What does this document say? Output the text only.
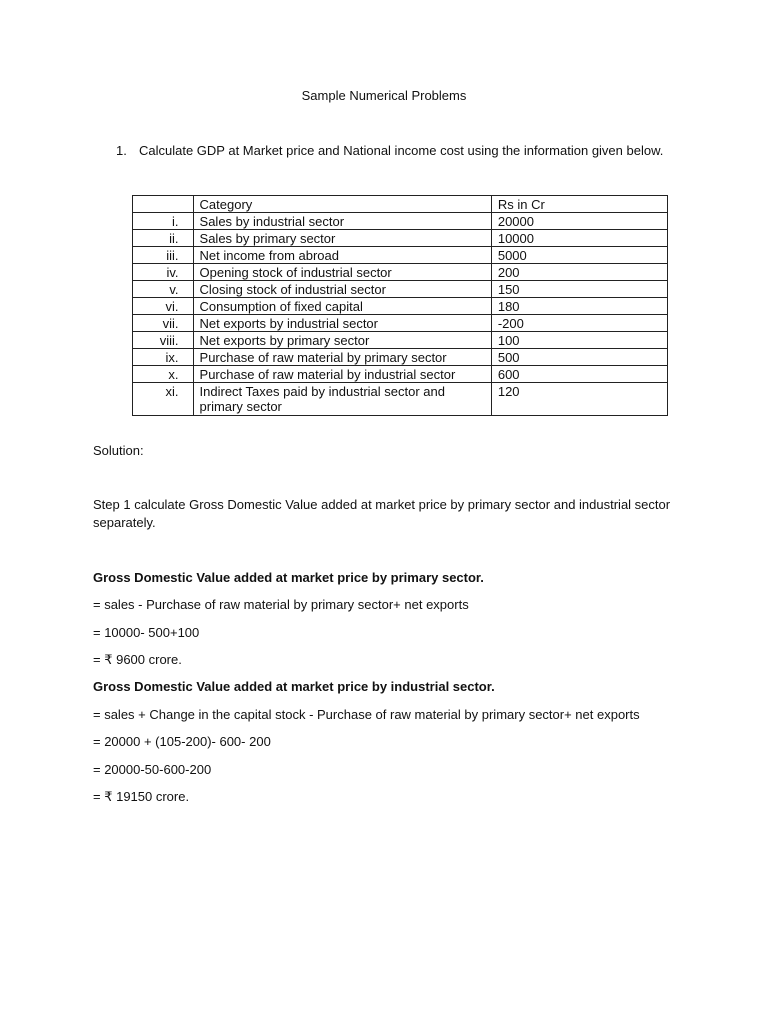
Sample Numerical Problems
1. Calculate GDP at Market price and National income cost using the information given below.
	Category	Rs in Cr
i.	Sales by industrial sector	20000
ii.	Sales by primary sector	10000
iii.	Net income from abroad	5000
iv.	Opening stock of industrial sector	200
v.	Closing stock of industrial sector	150
vi.	Consumption of fixed capital	180
vii.	Net exports by industrial sector	-200
viii.	Net exports by primary sector	100
ix.	Purchase of raw material by primary sector	500
x.	Purchase of raw material by industrial sector	600
xi.	Indirect Taxes paid by industrial sector and primary sector	120
Solution:
Step 1 calculate Gross Domestic Value added at market price by primary sector and industrial sector separately.
Gross Domestic Value added at market price by primary sector.
= sales - Purchase of raw material by primary sector+ net exports
= 10000- 500+100
= ₹ 9600 crore.
Gross Domestic Value added at market price by industrial sector.
= sales + Change in the capital stock - Purchase of raw material by primary sector+ net exports
= 20000 + (105-200)- 600- 200
= 20000-50-600-200
= ₹ 19150 crore.
